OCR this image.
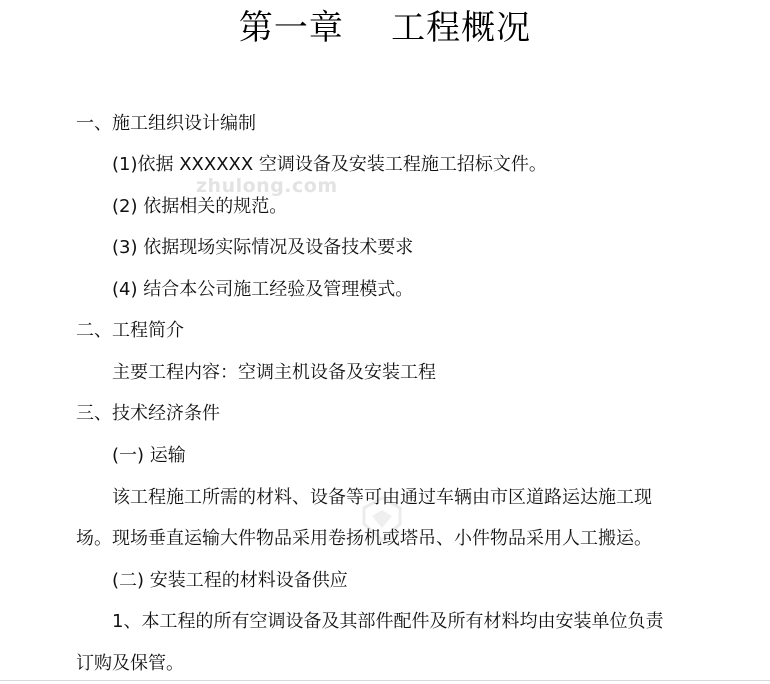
第一章    工程概况
zhulong.com
一、施工组织设计编制
(1)依据 XXXXXX 空调设备及安装工程施工招标文件。
(2) 依据相关的规范。
(3) 依据现场实际情况及设备技术要求
(4) 结合本公司施工经验及管理模式。
二、工程简介
主要工程内容：空调主机设备及安装工程
三、技术经济条件
(一) 运输
该工程施工所需的材料、设备等可由通过车辆由市区道路运达施工现
场。现场垂直运输大件物品采用卷扬机或塔吊、小件物品采用人工搬运。
(二) 安装工程的材料设备供应
1、本工程的所有空调设备及其部件配件及所有材料均由安装单位负责
订购及保管。
